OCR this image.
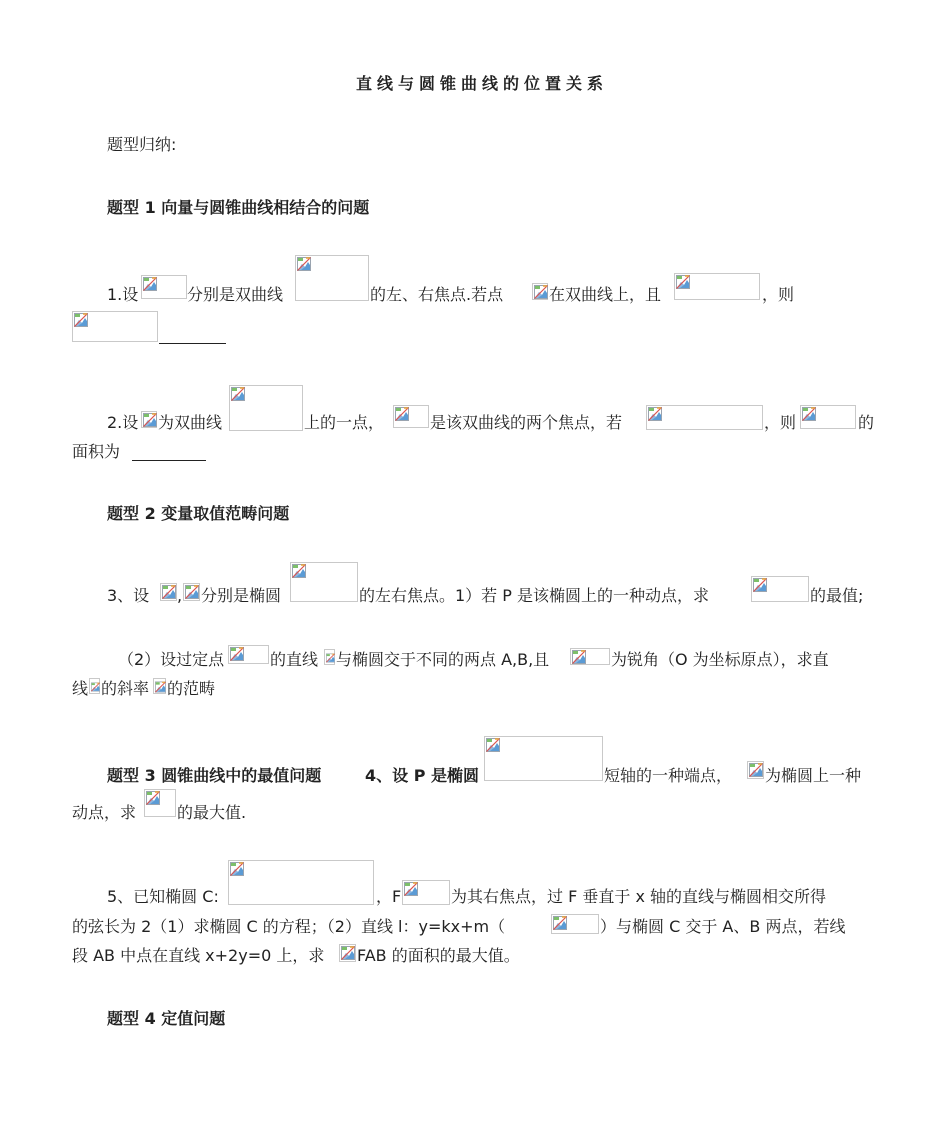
直线与圆锥曲线的位置关系
题型归纳:
题型 1 向量与圆锥曲线相结合的问题
1.设	分别是双曲线	的左、右焦点.若点	在双曲线上，且	，则
2.设 为双曲线	上的一点，	是该双曲线的两个焦点，若	，则	的
面积为
题型 2 变量取值范畴问题
3、设 , 分别是椭圆	的左右焦点。1）若 P 是该椭圆上的一种动点，求	的最值;
（2）设过定点	的直线 与椭圆交于不同的两点 A,B,且	为锐角（O 为坐标原点），求直
线 的斜率 的范畴
题型 3 圆锥曲线中的最值问题	4、设 P 是椭圆	短轴的一种端点， 为椭圆上一种
动点，求	的最大值.
5、已知椭圆 C:	，F	为其右焦点，过 F 垂直于 x 轴的直线与椭圆相交所得
的弦长为 2（1）求椭圆 C 的方程；（2）直线 l：y=kx+m（	）与椭圆 C 交于 A、B 两点，若线
段 AB 中点在直线 x+2y=0 上，求 FAB 的面积的最大值。
题型 4 定值问题
